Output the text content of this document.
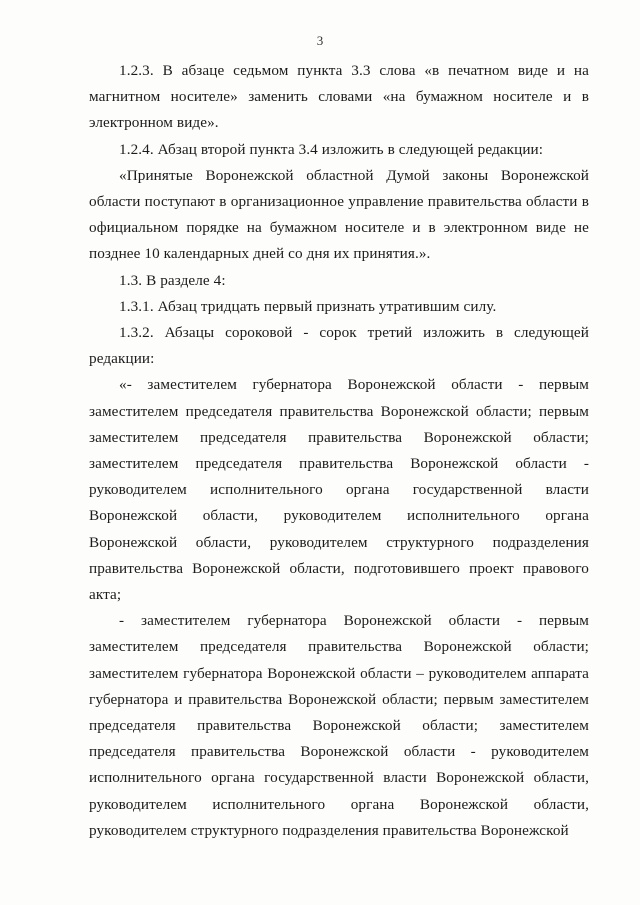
3

1.2.3. В абзаце седьмом пункта 3.3 слова «в печатном виде и на магнитном носителе» заменить словами «на бумажном носителе и в электронном виде».

1.2.4. Абзац второй пункта 3.4 изложить в следующей редакции:

«Принятые Воронежской областной Думой законы Воронежской области поступают в организационное управление правительства области в официальном порядке на бумажном носителе и в электронном виде не позднее 10 календарных дней со дня их принятия.».

1.3. В разделе 4:

1.3.1. Абзац тридцать первый признать утратившим силу.

1.3.2. Абзацы сороковой - сорок третий изложить в следующей редакции:

«- заместителем губернатора Воронежской области - первым заместителем председателя правительства Воронежской области; первым заместителем председателя правительства Воронежской области; заместителем председателя правительства Воронежской области - руководителем исполнительного органа государственной власти Воронежской области, руководителем исполнительного органа Воронежской области, руководителем структурного подразделения правительства Воронежской области, подготовившего проект правового акта;

- заместителем губернатора Воронежской области - первым заместителем председателя правительства Воронежской области; заместителем губернатора Воронежской области – руководителем аппарата губернатора и правительства Воронежской области; первым заместителем председателя правительства Воронежской области; заместителем председателя правительства Воронежской области - руководителем исполнительного органа государственной власти Воронежской области, руководителем исполнительного органа Воронежской области, руководителем структурного подразделения правительства Воронежской
